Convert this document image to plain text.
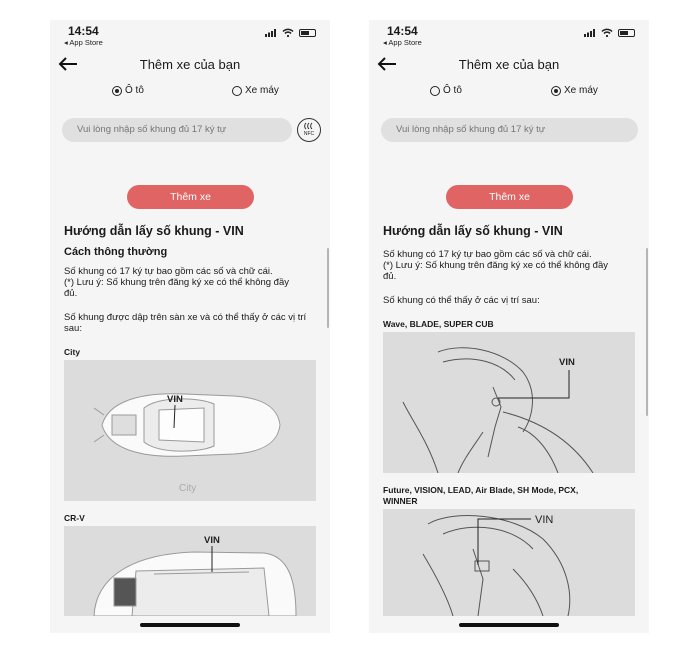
14:54
◂ App Store
Thêm xe của bạn
Ô tô	Xe máy
Vui lòng nhập số khung đủ 17 ký tự
NFC
Thêm xe
Hướng dẫn lấy số khung - VIN
Cách thông thường
Số khung có 17 ký tự bao gồm các số và chữ cái.
(*) Lưu ý: Số khung trên đăng ký xe có thể không đầy đủ.
Số khung được dập trên sàn xe và có thể thấy ở các vị trí sau:
City
VIN
City
CR-V
VIN
14:54
◂ App Store
Thêm xe của bạn
Ô tô	Xe máy
Vui lòng nhập số khung đủ 17 ký tự
Thêm xe
Hướng dẫn lấy số khung - VIN
Số khung có 17 ký tự bao gồm các số và chữ cái.
(*) Lưu ý: Số khung trên đăng ký xe có thể không đầy đủ.
Số khung có thể thấy ở các vị trí sau:
Wave, BLADE, SUPER CUB
VIN
Future, VISION, LEAD, Air Blade, SH Mode, PCX, WINNER
VIN
